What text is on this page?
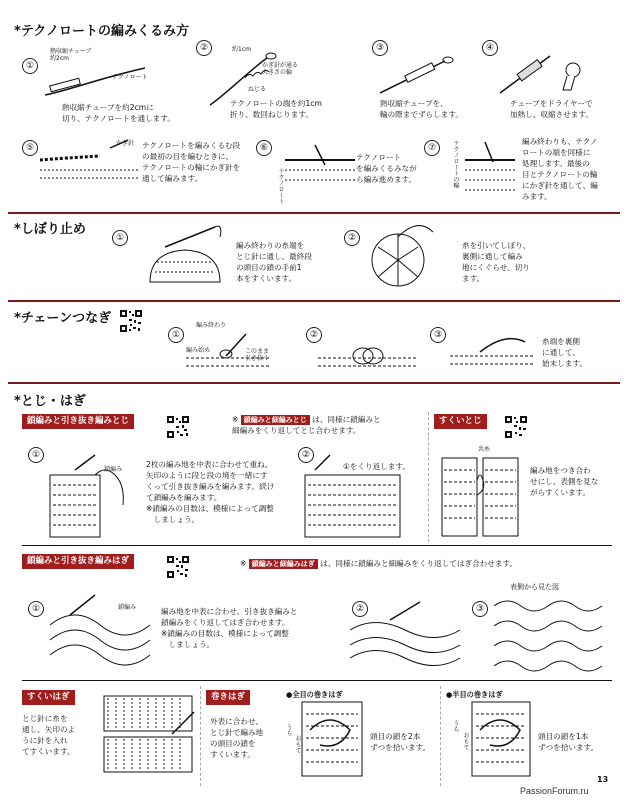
*テクノロートの編みくるみ方
①
熱収縮チューブ
約2cm
テクノロート
熱収縮チューブを約2cmに
切り、テクノロートを通します。
②	約1cm
かぎ針が通る
大きさの輪
ねじる
テクノロートの端を約1cm
折り、数回ねじります。
③
熱収縮チューブを、
輪の際までずらします。
④
チューブをドライヤーで
加熱し、収縮させます。
⑤	かぎ針 テクノロートを編みくるむ段
の最初の目を編むときに、
テクノロートの輪にかぎ針を
通して編みます。
⑥
テクノロート
テクノロート
を編みくるみなが
ら編み進めます。
⑦	テクノロートの輪	編み終わりも、テクノ
ロートの端を同様に
処理します。最後の
目とテクノロートの輪
にかぎ針を通して、編
みます。
*しぼり止め
①
編み終わりの糸端を
とじ針に通し、最終段
の頭目の鎖の手前1
本をすくいます。
②
糸を引いてしぼり、
裏側に通して編み
地にくぐらせ、切り
ます。
*チェーンつなぎ
①
編み終わり
編み始め	このまま

②	③
糸端を裏側
に通して、
始末します。
*とじ・はぎ
鎖編みと引き抜き編みとじ	※ 鎖編みと細編みとじ は、同様に鎖編みと
細編みをくり返してとじ合わせます。
①
鎖編み
2枚の編み地を中表に合わせて重ね、
矢印のように段と段の境を一緒にす
くって引き抜き編みを編みます。続け
て鎖編みを編みます。
※鎖編みの目数は、模様によって調整
　しましょう。
②
①をくり返します。
すくいとじ
共糸
編み地をつき合わ
せにし、表側を見な
がらすくいます。
鎖編みと引き抜き編みはぎ	※ 鎖編みと細編みはぎ は、同様に鎖編みと細編みをくり返してはぎ合わせます。
①	鎖編み	編み地を中表に合わせ、引き抜き編みと
鎖編みをくり返してはぎ合わせます。
※鎖編みの目数は、模様によって調整
　しましょう。
②	③
表側から見た図
すくいはぎ
とじ針に糸を
通し、矢印のよ
うに針を入れ
てすくいます。
巻きはぎ
外表に合わせ、
とじ針で編み地
の頭目の鎖を
すくいます。
●全目の巻きはぎ
うら
おもて	頭目の鎖を2本
ずつを拾います。
●半目の巻きはぎ
うら
おもて	頭目の鎖を1本
ずつを拾います。
13
PassionForum.ru
